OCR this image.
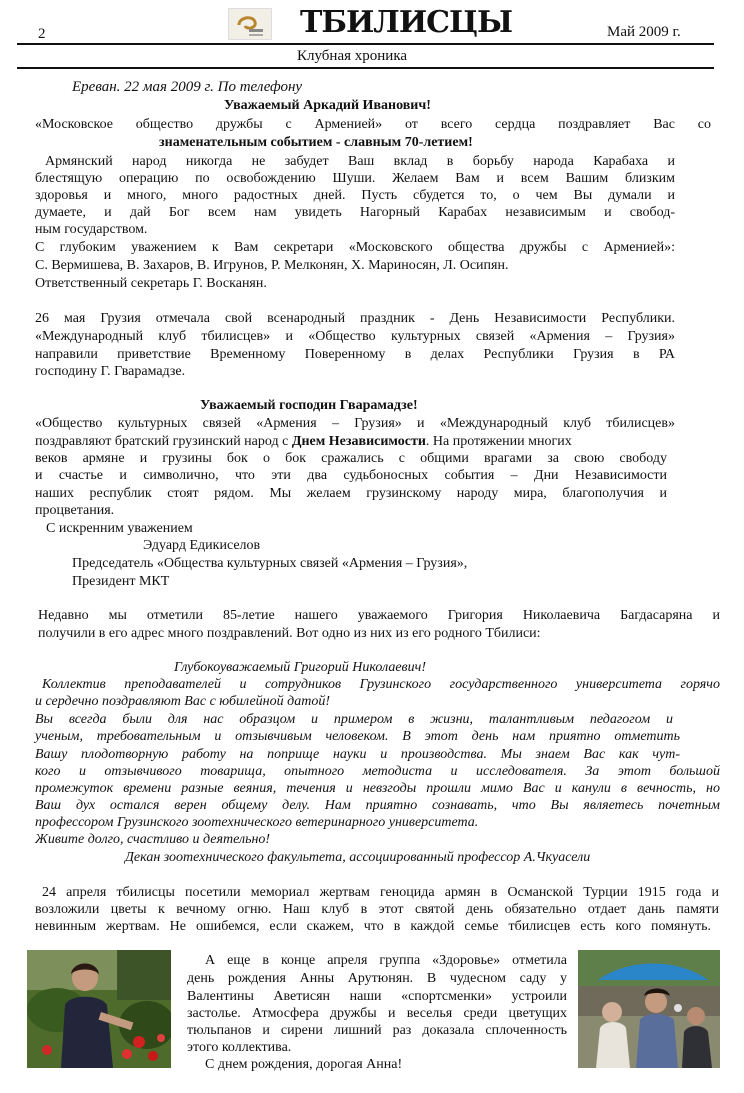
2	ТБИЛИСЦЫ	Май 2009 г.
Клубная хроника
Ереван. 22 мая 2009 г. По телефону
Уважаемый Аркадий Иванович!
«Московское общество дружбы с Арменией» от всего сердца поздравляет Вас со
знаменательным событием - славным 70-летием!
Армянский народ никогда не забудет Ваш вклад в борьбу народа Карабаха и
блестящую операцию по освобождению Шуши. Желаем Вам и всем Вашим близким
здоровья и много, много радостных дней. Пусть сбудется то, о чем Вы думали и
думаете, и дай Бог всем нам увидеть Нагорный Карабах независимым и свобод-
ным государством.
С глубоким уважением к Вам секретари «Московского общества дружбы с Арменией»:
С. Вермишева, В. Захаров, В. Игрунов, Р. Мелконян, Х. Мариносян, Л. Осипян.
Ответственный секретарь Г. Восканян.
26 мая Грузия отмечала свой всенародный праздник - День Независимости Республики.
«Международный клуб тбилисцев» и «Общество культурных связей «Армения – Грузия»
направили приветствие Временному Поверенному в делах Республики Грузия в РА
господину Г. Гварамадзе.
Уважаемый господин Гварамадзе!
«Общество культурных связей «Армения – Грузия» и «Международный клуб тбилисцев»
поздравляют братский грузинский народ с Днем Независимости. На протяжении многих
веков армяне и грузины бок о бок сражались с общими врагами за свою свободу
и счастье и символично, что эти два судьбоносных события – Дни Независимости
наших республик стоят рядом. Мы желаем грузинскому народу мира, благополучия и
процветания.
С искренним уважением
Эдуард Едикиселов
Председатель «Общества культурных связей «Армения – Грузия»,
Президент МКТ
Недавно мы отметили 85-летие нашего уважаемого Григория Николаевича Багдасаряна и
получили в его адрес много поздравлений. Вот одно из них из его родного Тбилиси:
Глубокоуважаемый Григорий Николаевич!
Коллектив преподавателей и сотрудников Грузинского государственного университета горячо
и сердечно поздравляют Вас с юбилейной датой!
Вы всегда были для нас образцом и примером в жизни, талантливым педагогом и
ученым, требовательным и отзывчивым человеком. В этот день нам приятно отметить
Вашу плодотворную работу на поприще науки и производства. Мы знаем Вас как чут-
кого и отзывчивого товарища, опытного методиста и исследователя. За этот большой
промежуток времени разные веяния, течения и невзгоды прошли мимо Вас и канули в вечность, но
Ваш дух остался верен общему делу. Нам приятно сознавать, что Вы являетесь почетным
профессором Грузинского зоотехнического ветеринарного университета.
Живите долго, счастливо и деятельно!
Декан зоотехнического факультета, ассоциированный профессор А.Чкуасели
24 апреля тбилисцы посетили мемориал жертвам геноцида армян в Османской Турции 1915 года и
возложили цветы к вечному огню. Наш клуб в этот святой день обязательно отдает дань памяти
невинным жертвам. Не ошибемся, если скажем, что в каждой семье тбилисцев есть кого помянуть.
А еще в конце апреля группа «Здоровье» отметила
день рождения Анны Арутюнян. В чудесном саду у
Валентины Аветисян наши «спортсменки» устроили
застолье. Атмосфера дружбы и веселья среди цветущих
тюльпанов и сирени лишний раз доказала сплоченность
этого коллектива.
С днем рождения, дорогая Анна!
